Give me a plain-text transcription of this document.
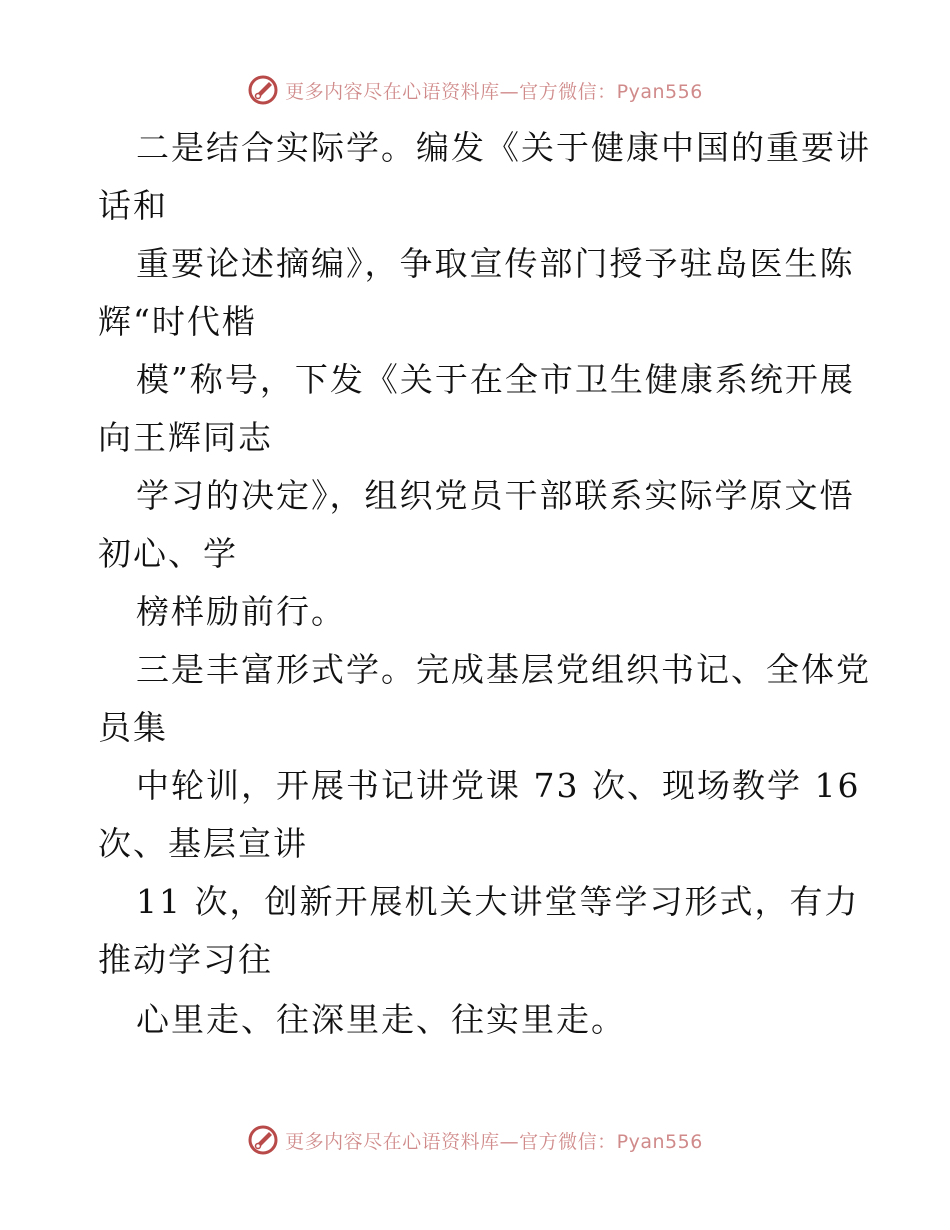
更多内容尽在心语资料库—官方微信：Pyan556
二是结合实际学。编发《关于健康中国的重要讲
话和
重要论述摘编》，争取宣传部门授予驻岛医生陈
辉“时代楷
模”称号，下发《关于在全市卫生健康系统开展
向王辉同志
学习的决定》，组织党员干部联系实际学原文悟
初心、学
榜样励前行。
三是丰富形式学。完成基层党组织书记、全体党
员集
中轮训，开展书记讲党课 73 次、现场教学 16
次、基层宣讲
11 次，创新开展机关大讲堂等学习形式，有力
推动学习往
心里走、往深里走、往实里走。
更多内容尽在心语资料库—官方微信：Pyan556
